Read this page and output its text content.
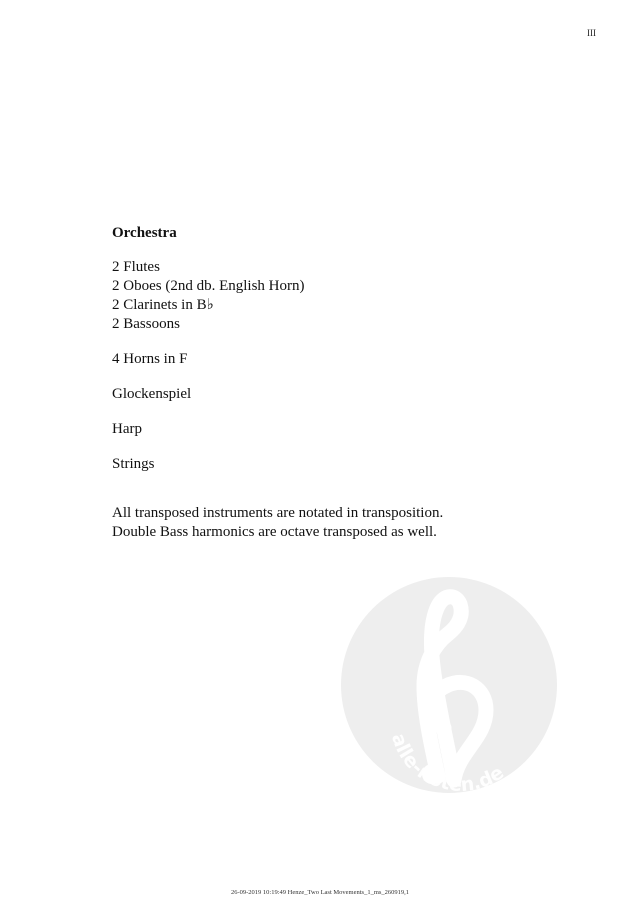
III
Orchestra
2 Flutes
2 Oboes (2nd db. English Horn)
2 Clarinets in B♭
2 Bassoons
4 Horns in F
Glockenspiel
Harp
Strings
All transposed instruments are notated in transposition.
Double Bass harmonics are octave transposed as well.
alle-noten.de
26-09-2019 10:19:49 Henze_Two Last Movements_1_ms_260919,1
